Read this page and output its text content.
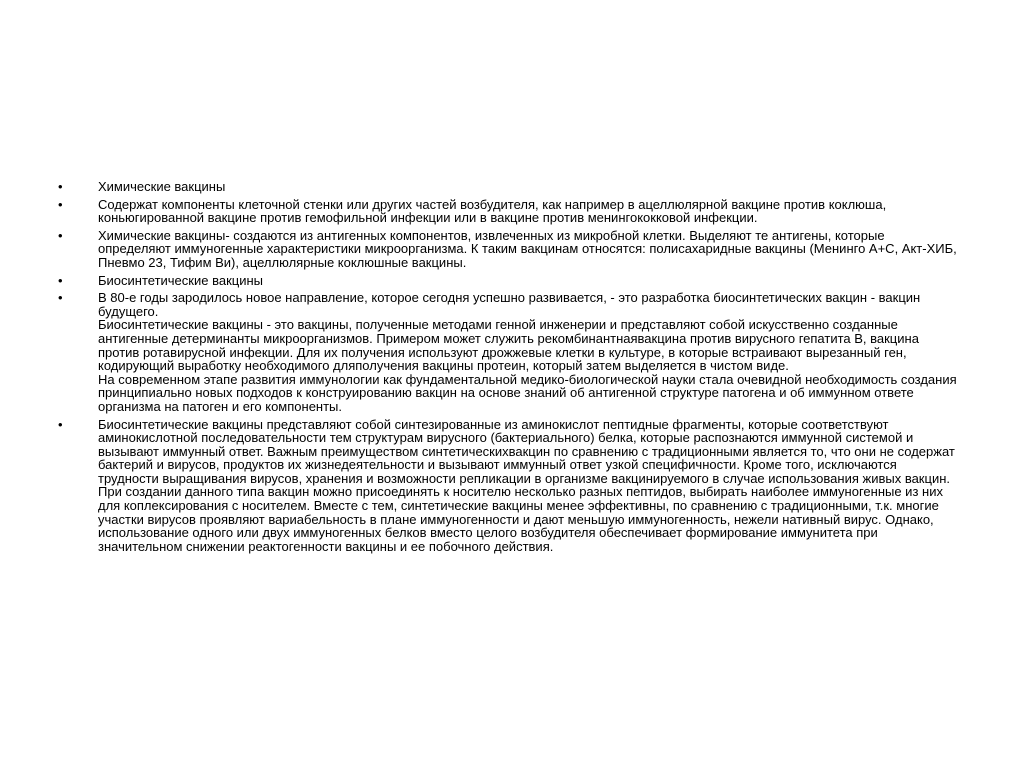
•	Химические вакцины
•	Содержат компоненты клеточной стенки или других частей возбудителя, как например в ацеллюлярной вакцине против коклюша, коньюгированной вакцине против гемофильной инфекции или в вакцине против менингококковой инфекции.
•	Химические вакцины- создаются из антигенных компонентов, извлеченных из микробной клетки. Выделяют те антигены, которые определяют иммуногенные характеристики микроорганизма. К таким вакцинам относятся: полисахаридные вакцины (Менинго А+С, Акт-ХИБ, Пневмо 23, Тифим Ви), ацеллюлярные коклюшные вакцины.
•	Биосинтетические вакцины
•	В 80-е годы зародилось новое направление, которое сегодня успешно развивается, - это разработка биосинтетических вакцин - вакцин будущего.
Биосинтетические вакцины - это вакцины, полученные методами генной инженерии и представляют собой искусственно созданные антигенные детерминанты микроорганизмов. Примером может служить рекомбинантнаявакцина против вирусного гепатита В, вакцина против ротавирусной инфекции. Для их получения используют дрожжевые клетки в культуре, в которые встраивают вырезанный ген, кодирующий выработку необходимого дляполучения вакцины протеин, который затем выделяется в чистом виде.
На современном этапе развития иммунологии как фундаментальной медико-биологической науки стала очевидной необходимость создания принципиально новых подходов к конструированию вакцин на основе знаний об антигенной структуре патогена и об иммунном ответе организма на патоген и его компоненты.
•	Биосинтетические вакцины представляют собой синтезированные из аминокислот пептидные фрагменты, которые соответствуют аминокислотной последовательности тем структурам вирусного (бактериального) белка, которые распознаются иммунной системой и вызывают иммунный ответ. Важным преимуществом синтетическихвакцин по сравнению с традиционными является то, что они не содержат бактерий и вирусов, продуктов их жизнедеятельности и вызывают иммунный ответ узкой специфичности. Кроме того, исключаются трудности выращивания вирусов, хранения и возможности репликации в организме вакцинируемого в случае использования живых вакцин. При создании данного типа вакцин можно присоединять к носителю несколько разных пептидов, выбирать наиболее иммуногенные из них для коплексирования с носителем. Вместе с тем, синтетические вакцины менее эффективны, по сравнению с традиционными, т.к. многие участки вирусов проявляют вариабельность в плане иммуногенности и дают меньшую иммуногенность, нежели нативный вирус. Однако, использование одного или двух иммуногенных белков вместо целого возбудителя обеспечивает формирование иммунитета при значительном снижении реактогенности вакцины и ее побочного действия.
